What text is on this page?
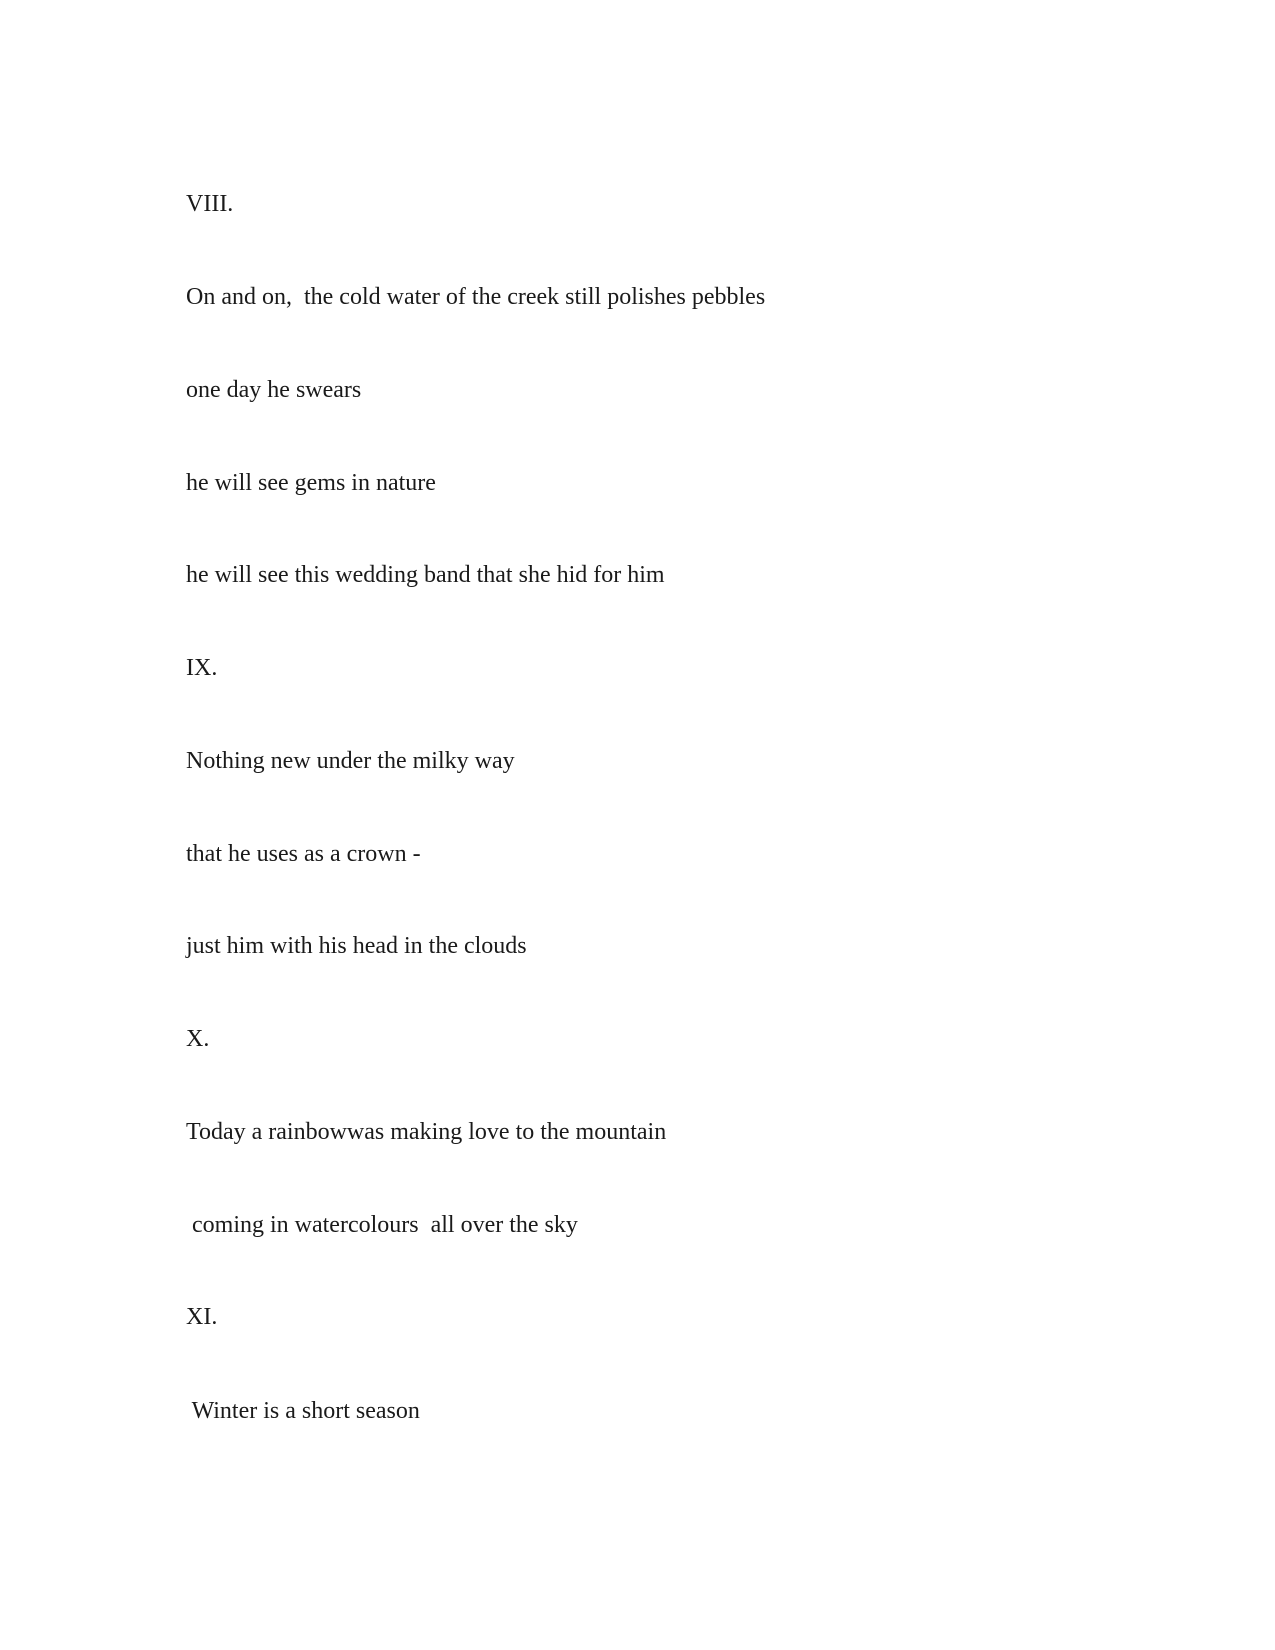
VIII.

On and on,  the cold water of the creek still polishes pebbles

one day he swears

he will see gems in nature

he will see this wedding band that she hid for him

IX.

Nothing new under the milky way

that he uses as a crown -

just him with his head in the clouds

X.

Today a rainbowwas making love to the mountain

coming in watercolours  all over the sky

XI.

Winter is a short season
